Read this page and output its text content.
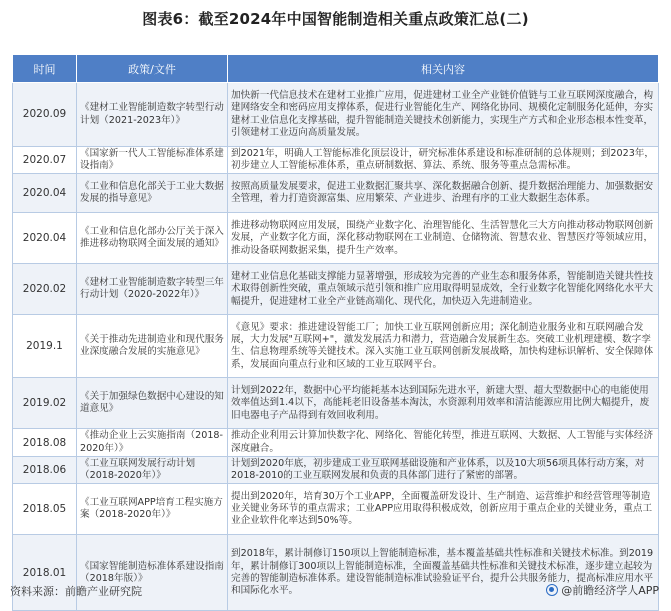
图表6：截至2024年中国智能制造相关重点政策汇总(二)
时间	政策/文件	相关内容
2020.09	《建材工业智能制造数字转型行动计划（2021-2023年）》	加快新一代信息技术在建材工业推广应用，促进建材工业全产业链价值链与工业互联网深度融合，构建网络安全和密码应用支撑体系，促进行业智能化生产、网络化协同、规模化定制服务化延伸，夯实建材工业信息化支撑基础，提升智能制造关键技术创新能力，实现生产方式和企业形态根本性变革，引领建材工业迈向高质量发展。
2020.07	《国家新一代人工智能标准体系建设指南》	到2021年，明确人工智能标准化顶层设计，研究标准体系建设和标准研制的总体规则；到2023年，初步建立人工智能标准体系，重点研制数据、算法、系统、服务等重点急需标准。
2020.04	《工业和信息化部关于工业大数据发展的指导意见》	按照高质量发展要求，促进工业数据汇聚共享、深化数据融合创新、提升数据治理能力、加强数据安全管理，着力打造资源富集、应用繁荣、产业进步、治理有序的工业大数据生态体系。
2020.04	《工业和信息化部办公厅关于深入推进移动物联网全面发展的通知》	推进移动物联网应用发展，围绕产业数字化、治理智能化、生活智慧化三大方向推动移动物联网创新发展，产业数字化方面，深化移动物联网在工业制造、仓储物流、智慧农业、智慧医疗等领域应用，推动设备联网数据采集，提升生产效率。
2020.02	《建材工业智能制造数字转型三年行动计划（2020-2022年）》	建材工业信息化基础支撑能力显著增强，形成较为完善的产业生态和服务体系，智能制造关键共性技术取得创新性突破，重点领域示范引领和推广应用取得明显成效，全行业数字化智能化网络化水平大幅提升，促进建材工业全产业链高端化、现代化，加快迈入先进制造业。
2019.1	《关于推动先进制造业和现代服务业深度融合发展的实施意见》	《意见》要求：推进建设智能工厂；加快工业互联网创新应用；深化制造业服务业和互联网融合发展，大力发展"互联网+"，激发发展活力和潜力，营造融合发展新生态。突破工业机理建模、数字孪生、信息物理系统等关键技术。深入实施工业互联网创新发展战略，加快构建标识解析、安全保障体系，发展面向重点行业和区域的工业互联网平台。
2019.02	《关于加强绿色数据中心建设的知道意见》	计划到2022年，数据中心平均能耗基本达到国际先进水平，新建大型、超大型数据中心的电能使用效率值达到1.4以下，高能耗老旧设备基本淘汰，水资源利用效率和清洁能源应用比例大幅提升，废旧电器电子产品得到有效回收利用。
2018.08	《推动企业上云实施指南（2018-2020年）》	推动企业利用云计算加快数字化、网络化、智能化转型，推进互联网、大数据、人工智能与实体经济深度融合。
2018.06	《工业互联网发展行动计划（2018-2020年）》	计划到2020年底，初步建成工业互联网基础设施和产业体系，以及10大项56项具体行动方案，对2018-2010的工业互联网发展和负责的具体部门进行了紧密的部署。
2018.05	《工业互联网APP培育工程实施方案（2018-2020年）》	提出到2020年，培育30万个工业APP，全面覆盖研发设计、生产制造、运营维护和经营管理等制造业关键业务环节的重点需求；工业APP应用取得积极成效，创新应用于重点企业的关键业务，重点工业企业软件化率达到50%等。
2018.01	《国家智能制造标准体系建设指南（2018年版）》	到2018年，累计制修订150项以上智能制造标准，基本覆盖基础共性标准和关键技术标准。到2019年，累计制修订300项以上智能制造标准，全面覆盖基础共性标准和关键技术标准，逐步建立起较为完善的智能制造标准体系。建设智能制造标准试验验证平台，提升公共服务能力，提高标准应用水平和国际化水平。
资料来源：前瞻产业研究院	@前瞻经济学人APP
